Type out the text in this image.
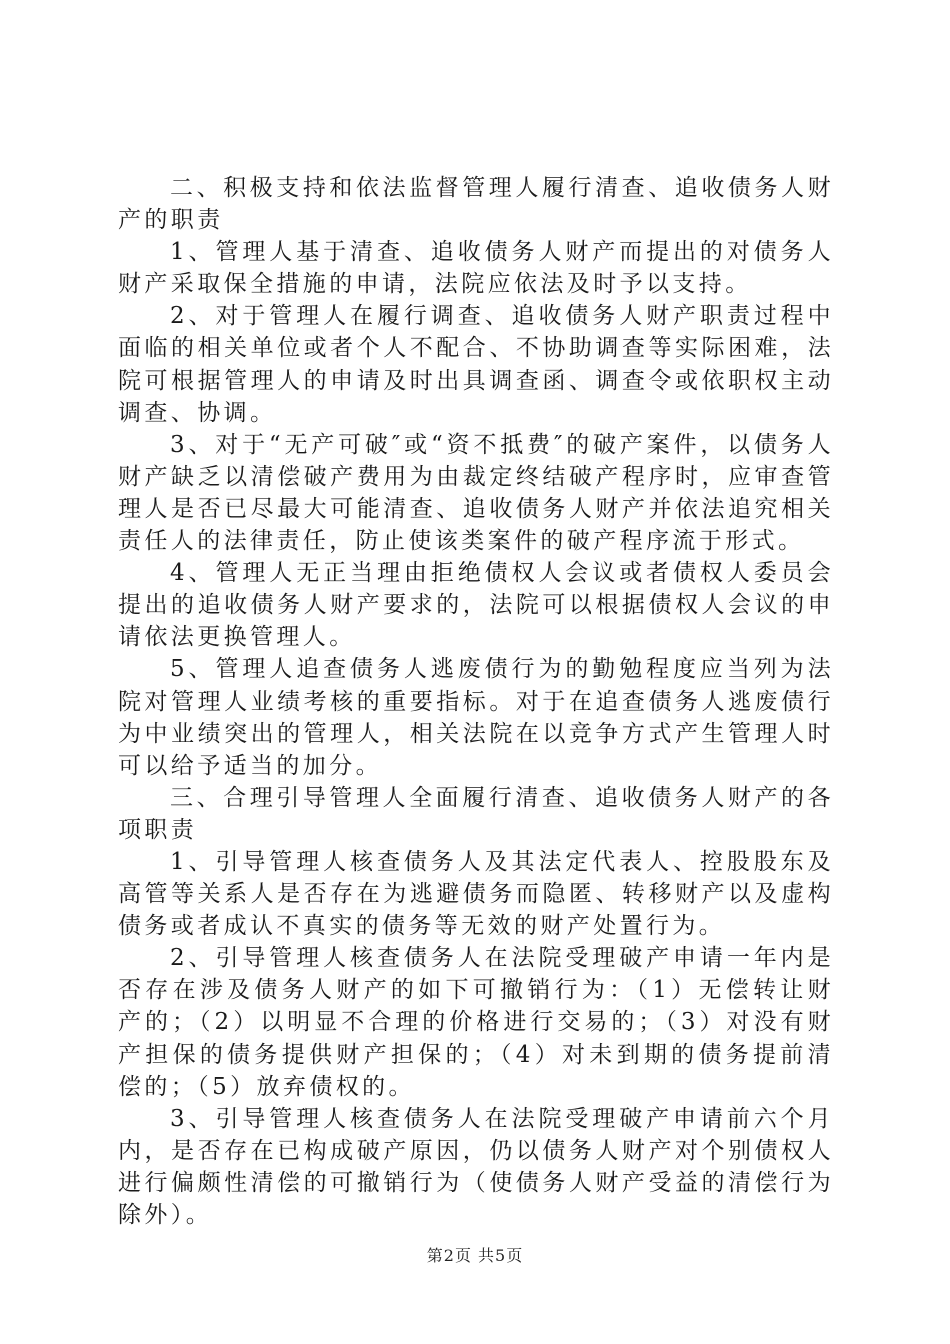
二、积极支持和依法监督管理人履行清查、追收债务人财产的职责

1、管理人基于清查、追收债务人财产而提出的对债务人财产采取保全措施的申请，法院应依法及时予以支持。

2、对于管理人在履行调查、追收债务人财产职责过程中面临的相关单位或者个人不配合、不协助调查等实际困难，法院可根据管理人的申请及时出具调查函、调查令或依职权主动调查、协调。

3、对于“无产可破″或“资不抵费″的破产案件，以债务人财产缺乏以清偿破产费用为由裁定终结破产程序时，应审查管理人是否已尽最大可能清查、追收债务人财产并依法追究相关责任人的法律责任，防止使该类案件的破产程序流于形式。

4、管理人无正当理由拒绝债权人会议或者债权人委员会提出的追收债务人财产要求的，法院可以根据债权人会议的申请依法更换管理人。

5、管理人追查债务人逃废债行为的勤勉程度应当列为法院对管理人业绩考核的重要指标。对于在追查债务人逃废债行为中业绩突出的管理人，相关法院在以竞争方式产生管理人时可以给予适当的加分。

三、合理引导管理人全面履行清查、追收债务人财产的各项职责

1、引导管理人核查债务人及其法定代表人、控股股东及高管等关系人是否存在为逃避债务而隐匿、转移财产以及虚构债务或者成认不真实的债务等无效的财产处置行为。

2、引导管理人核查债务人在法院受理破产申请一年内是否存在涉及债务人财产的如下可撤销行为：（1）无偿转让财产的；（2）以明显不合理的价格进行交易的；（3）对没有财产担保的债务提供财产担保的；（4）对未到期的债务提前清偿的；（5）放弃债权的。

3、引导管理人核查债务人在法院受理破产申请前六个月内，是否存在已构成破产原因，仍以债务人财产对个别债权人进行偏颇性清偿的可撤销行为（使债务人财产受益的清偿行为除外）。

第2页 共5页
